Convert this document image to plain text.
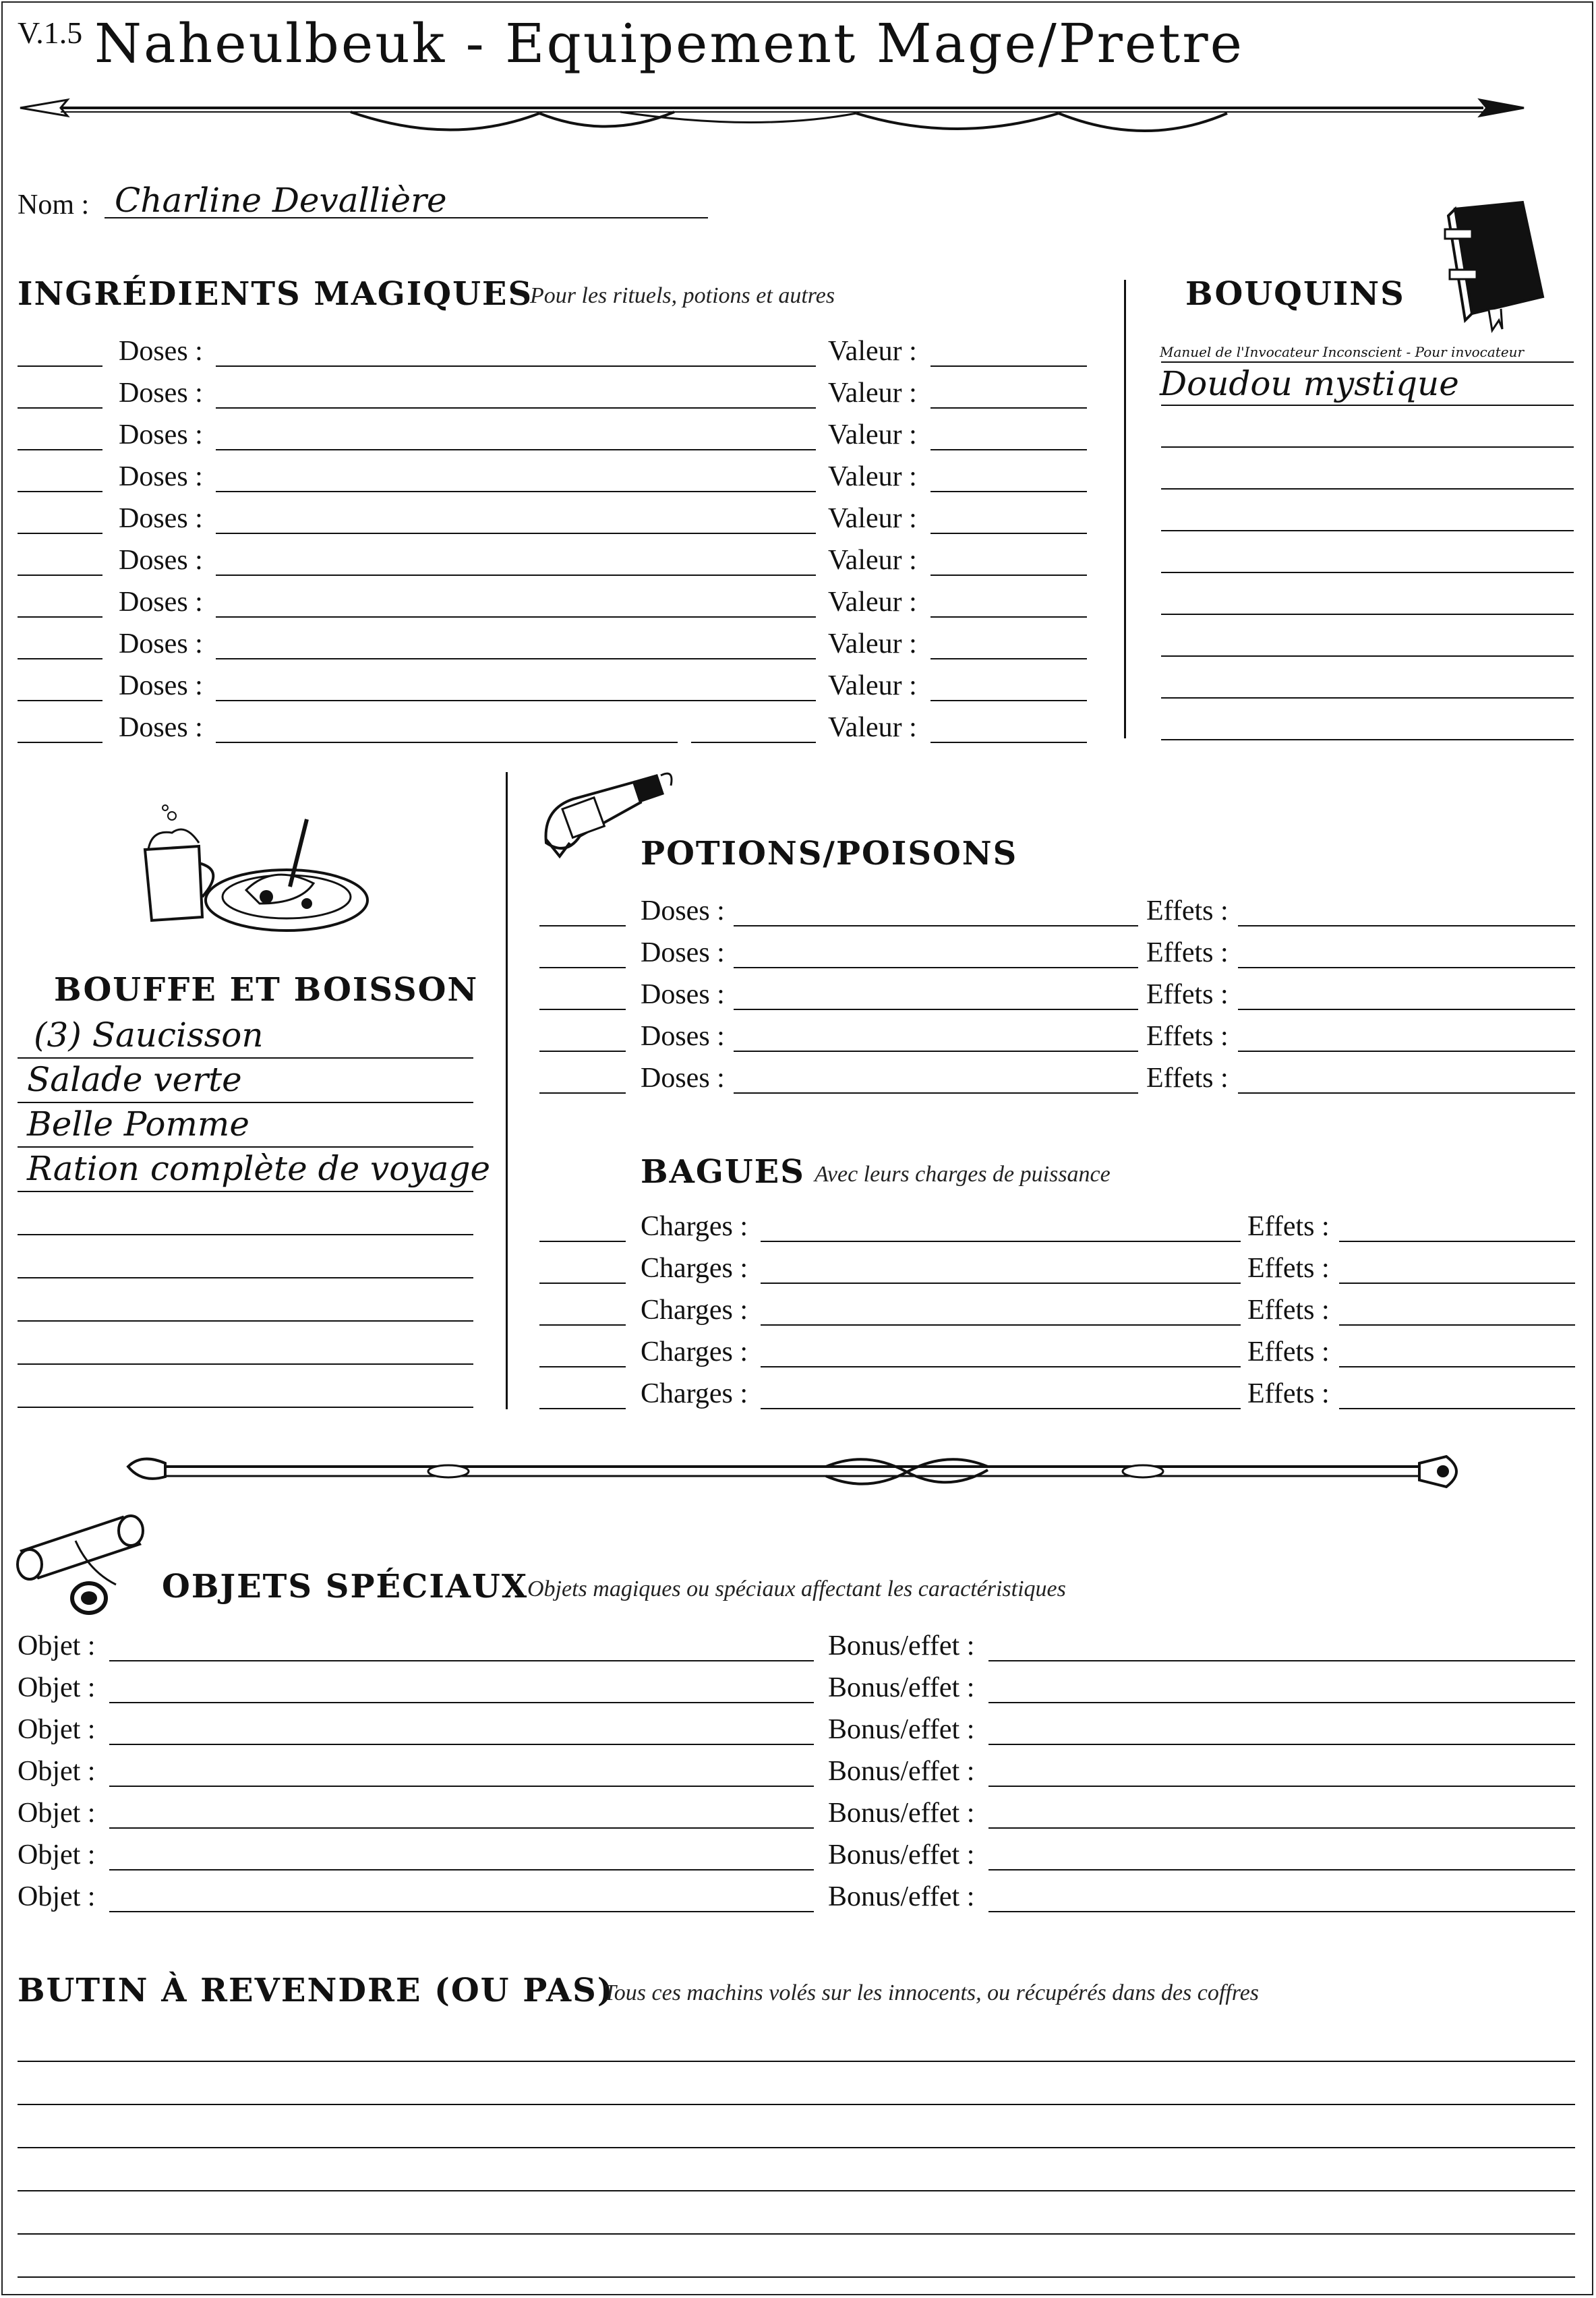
V.1.5 Naheulbeuk - Equipement Mage/Pretre
Nom : Charline Devallière
INGRÉDIENTS MAGIQUES
Pour les rituels, potions et autres
Doses :	Valeur :
Doses :	Valeur :
Doses :	Valeur :
Doses :	Valeur :
Doses :	Valeur :
Doses :	Valeur :
Doses :	Valeur :
Doses :	Valeur :
Doses :	Valeur :
Doses :	Valeur :
BOUQUINS
Manuel de l'Invocateur Inconscient - Pour invocateur
Doudou mystique
BOUFFE ET BOISSON
(3) Saucisson
Salade verte
Belle Pomme
Ration complète de voyage
POTIONS/POISONS
Doses :	Effets :
Doses :	Effets :
Doses :	Effets :
Doses :	Effets :
Doses :	Effets :
BAGUES Avec leurs charges de puissance
Charges :	Effets :
Charges :	Effets :
Charges :	Effets :
Charges :	Effets :
Charges :	Effets :
OBJETS SPÉCIAUX
Objets magiques ou spéciaux affectant les caractéristiques
Objet :	Bonus/effet :
Objet :	Bonus/effet :
Objet :	Bonus/effet :
Objet :	Bonus/effet :
Objet :	Bonus/effet :
Objet :	Bonus/effet :
Objet :	Bonus/effet :
BUTIN À REVENDRE (OU PAS)
Tous ces machins volés sur les innocents, ou récupérés dans des coffres
